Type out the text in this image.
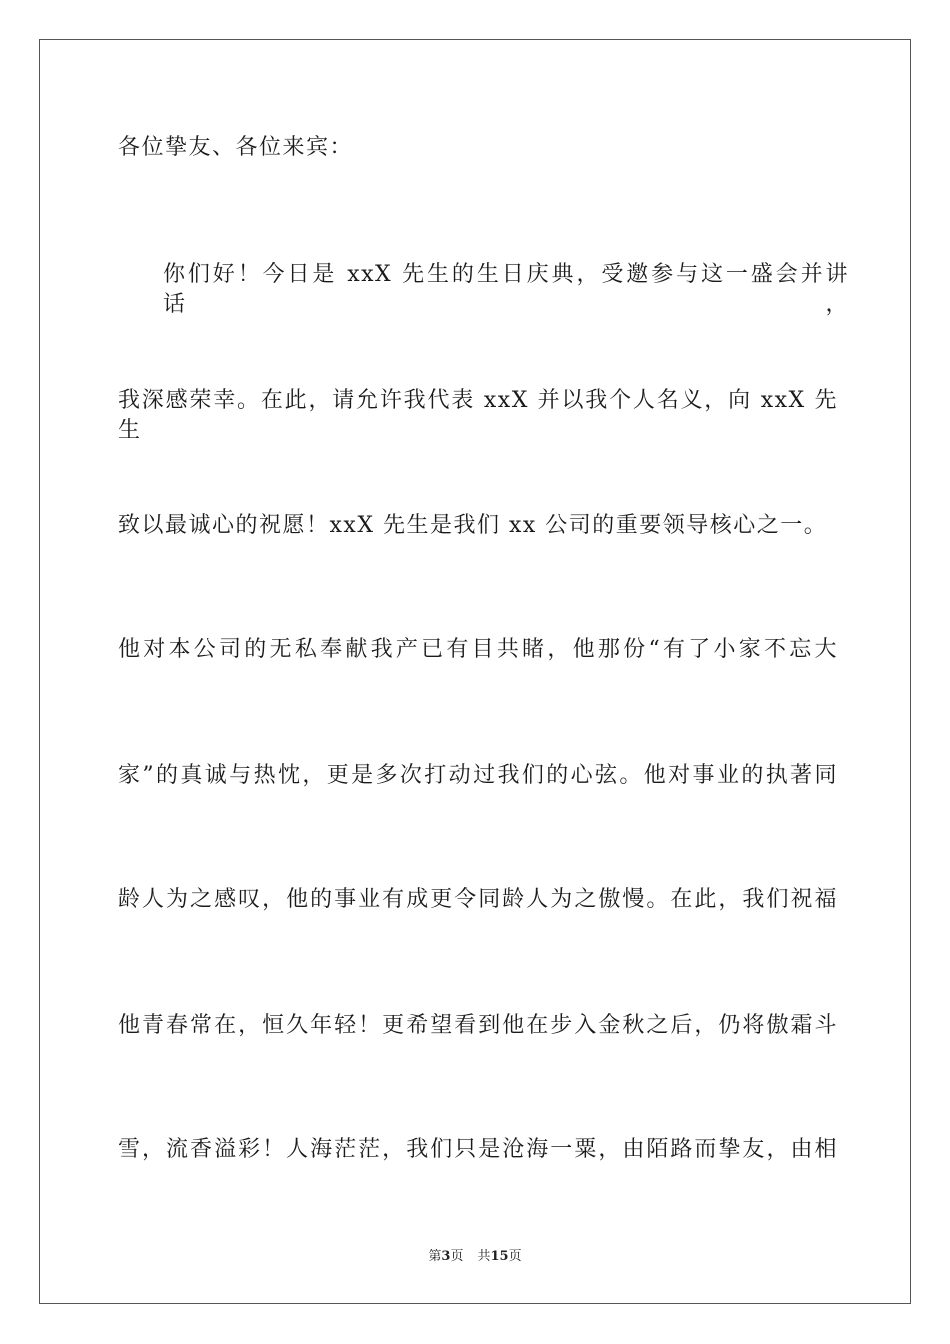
各位挚友、各位来宾：
你们好！今日是 xxX 先生的生日庆典，受邀参与这一盛会并讲话，
我深感荣幸。在此，请允许我代表 xxX 并以我个人名义，向 xxX 先生
致以最诚心的祝愿！xxX 先生是我们 xx 公司的重要领导核心之一。
他对本公司的无私奉献我产已有目共睹，他那份“有了小家不忘大
家”的真诚与热忱，更是多次打动过我们的心弦。他对事业的执著同
龄人为之感叹，他的事业有成更令同龄人为之傲慢。在此，我们祝福
他青春常在，恒久年轻！更希望看到他在步入金秋之后，仍将傲霜斗
雪，流香溢彩！人海茫茫，我们只是沧海一粟，由陌路而挚友，由相
第3页 共15页
